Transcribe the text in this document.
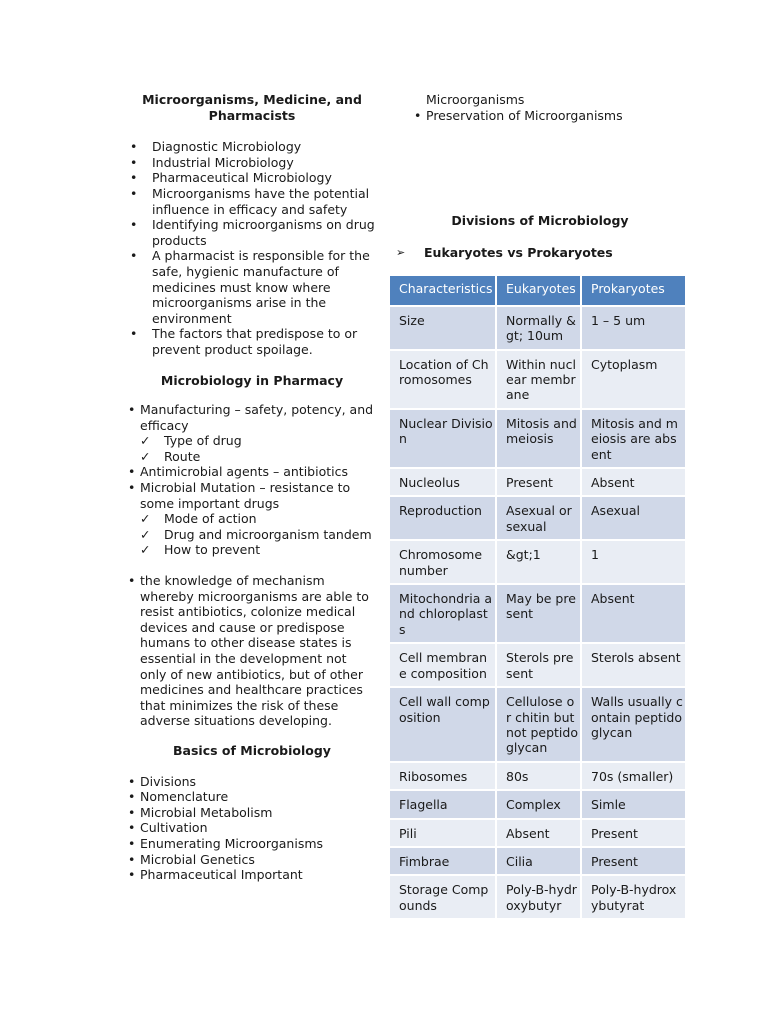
Microorganisms, Medicine, and Pharmacists
• Diagnostic Microbiology
• Industrial Microbiology
• Pharmaceutical Microbiology
• Microorganisms have the potential influence in efficacy and safety
• Identifying microorganisms on drug products
• A pharmacist is responsible for the safe, hygienic manufacture of medicines must know where microorganisms arise in the environment
• The factors that predispose to or prevent product spoilage.
Microbiology in Pharmacy
• Manufacturing – safety, potency, and efficacy
✓ Type of drug
✓ Route
• Antimicrobial agents – antibiotics
• Microbial Mutation – resistance to some important drugs
✓ Mode of action
✓ Drug and microorganism tandem
✓ How to prevent
• the knowledge of mechanism whereby microorganisms are able to resist antibiotics, colonize medical devices and cause or predispose humans to other disease states is essential in the development not only of new antibiotics, but of other medicines and healthcare practices that minimizes the risk of these adverse situations developing.
Basics of Microbiology
• Divisions
• Nomenclature
• Microbial Metabolism
• Cultivation
• Enumerating Microorganisms
• Microbial Genetics
• Pharmaceutical Important
Microorganisms
• Preservation of Microorganisms
Divisions of Microbiology
➢ Eukaryotes vs Prokaryotes
Characteristics	Eukaryotes	Prokaryotes
Size	Normally &gt; 10um	1 – 5 um
Location of Chromosomes	Within nuclear membrane	Cytoplasm
Nuclear Division	Mitosis and meiosis	Mitosis and meiosis are absent
Nucleolus	Present	Absent
Reproduction	Asexual or sexual	Asexual
Chromosome number	&gt;1	1
Mitochondria and chloroplasts	May be present	Absent
Cell membrane composition	Sterols present	Sterols absent
Cell wall composition	Cellulose or chitin but not peptidoglycan	Walls usually contain peptidoglycan
Ribosomes	80s	70s (smaller)
Flagella	Complex	Simle
Pili	Absent	Present
Fimbrae	Cilia	Present
Storage Compounds	Poly-B-hydroxybutyr	Poly-B-hydroxybutyrat
